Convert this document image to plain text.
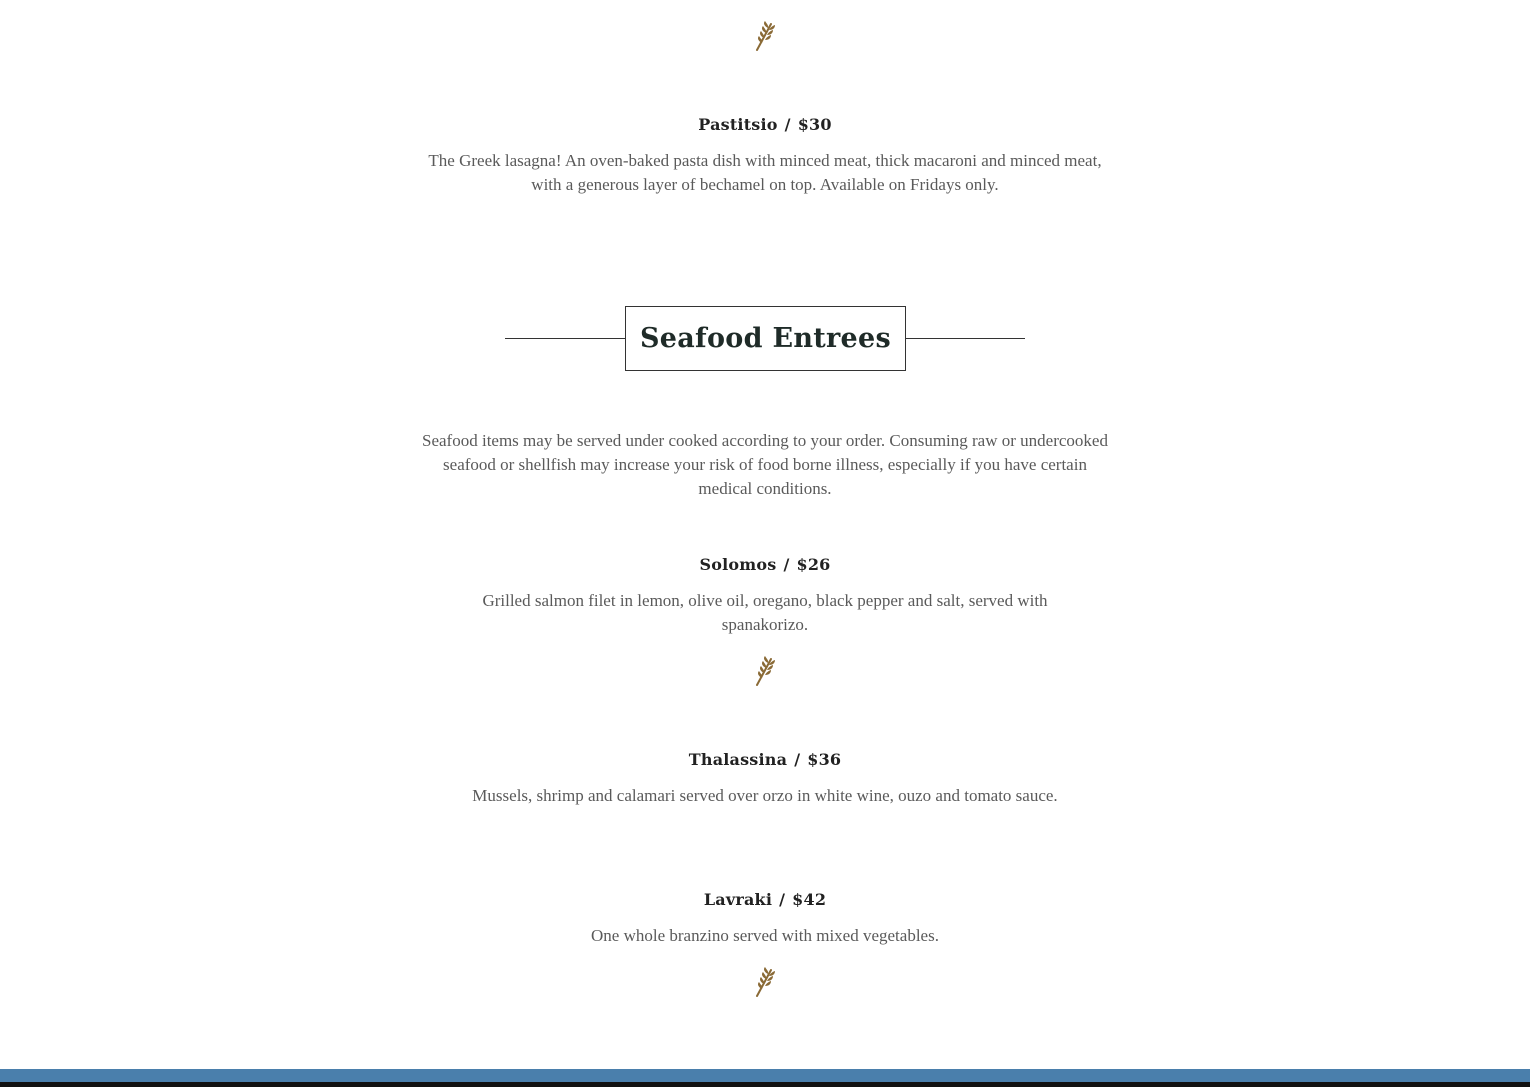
Pastitsio / $30
The Greek lasagna! An oven-baked pasta dish with minced meat, thick macaroni and minced meat, with a generous layer of bechamel on top. Available on Fridays only.
Seafood Entrees
Seafood items may be served under cooked according to your order. Consuming raw or undercooked seafood or shellfish may increase your risk of food borne illness, especially if you have certain medical conditions.
Solomos / $26
Grilled salmon filet in lemon, olive oil, oregano, black pepper and salt, served with spanakorizo.
Thalassina / $36
Mussels, shrimp and calamari served over orzo in white wine, ouzo and tomato sauce.
Lavraki / $42
One whole branzino served with mixed vegetables.
